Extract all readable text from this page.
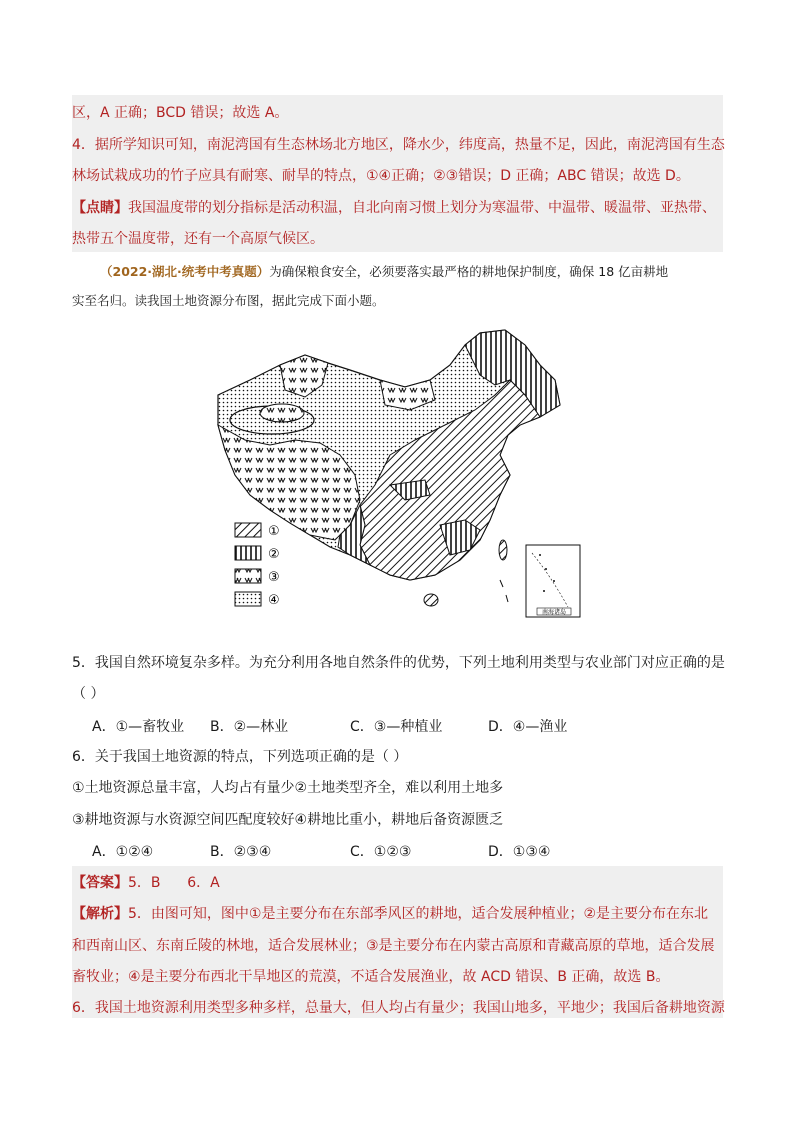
区，A 正确；BCD 错误；故选 A。
4．据所学知识可知，南泥湾国有生态林场北方地区，降水少，纬度高，热量不足，因此，南泥湾国有生态
林场试栽成功的竹子应具有耐寒、耐旱的特点，①④正确；②③错误；D 正确；ABC 错误；故选 D。
【点睛】我国温度带的划分指标是活动积温，自北向南习惯上划分为寒温带、中温带、暖温带、亚热带、
热带五个温度带，还有一个高原气候区。
（2022·湖北·统考中考真题）为确保粮食安全，必须要落实最严格的耕地保护制度，确保 18 亿亩耕地
实至名归。读我国土地资源分布图，据此完成下面小题。
南海诸岛
①
②
③
④
5．我国自然环境复杂多样。为充分利用各地自然条件的优势，下列土地利用类型与农业部门对应正确的是
（ ）
A．①—畜牧业 B．②—林业	C．③—种植业	D．④—渔业
6．关于我国土地资源的特点，下列选项正确的是（ ）
①土地资源总量丰富，人均占有量少②土地类型齐全，难以利用土地多
③耕地资源与水资源空间匹配度较好④耕地比重小，耕地后备资源匮乏
A．①②④	B．②③④	C．①②③	D．①③④
【答案】5．B      6．A
【解析】5．由图可知，图中①是主要分布在东部季风区的耕地，适合发展种植业；②是主要分布在东北
和西南山区、东南丘陵的林地，适合发展林业；③是主要分布在内蒙古高原和青藏高原的草地，适合发展
畜牧业；④是主要分布西北干旱地区的荒漠，不适合发展渔业，故 ACD 错误、B 正确，故选 B。
6．我国土地资源利用类型多种多样，总量大，但人均占有量少；我国山地多，平地少；我国后备耕地资源
